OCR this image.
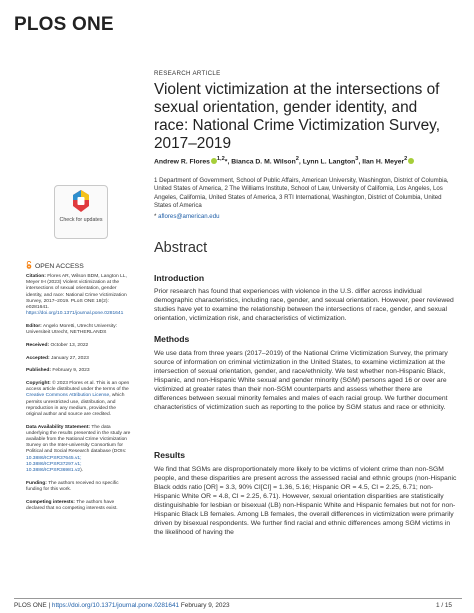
PLOS ONE
Check for updates
OPEN ACCESS

Citation: Flores AR, Wilson BDM, Langton LL, Meyer IH (2023) Violent victimization at the intersections of sexual orientation, gender identity, and race: National Crime Victimization Survey, 2017–2019. PLoS ONE 18(2): e0281641. https://doi.org/10.1371/journal.pone.0281641

Editor: Angelo Moretti, Utrecht University: Universiteit Utrecht, NETHERLANDS

Received: October 13, 2022

Accepted: January 27, 2023

Published: February 9, 2023

Copyright: © 2023 Flores et al. This is an open access article distributed under the terms of the Creative Commons Attribution License, which permits unrestricted use, distribution, and reproduction in any medium, provided the original author and source are credited.

Data Availability Statement: The data underlying the results presented in the study are available from the National Crime Victimization Survey on the Inter-university Consortium for Political and Social Research database (DOIs: 10.3886/ICPSR37645.v1; 10.3886/ICPSR37297.v1; 10.3886/ICPSR36981.v2).

Funding: The authors received no specific funding for this work.

Competing interests: The authors have declared that no competing interests exist.

RESEARCH ARTICLE
Violent victimization at the intersections of sexual orientation, gender identity, and race: National Crime Victimization Survey, 2017–2019
Andrew R. Flores $^{1,2}$*, Bianca D. M. Wilson$^2$, Lynn L. Langton$^3$, Ilan H. Meyer$^2$
1 Department of Government, School of Public Affairs, American University, Washington, District of Columbia, United States of America, 2 The Williams Institute, School of Law, University of California, Los Angeles, Los Angeles, California, United States of America, 3 RTI International, Washington, District of Columbia, United States of America
* aflores@american.edu
Abstract
Introduction
Prior research has found that experiences with violence in the U.S. differ across individual demographic characteristics, including race, gender, and sexual orientation. However, peer reviewed studies have yet to examine the relationship between the intersections of race, gender, and sexual orientation, victimization risk, and characteristics of victimization.
Methods
We use data from three years (2017–2019) of the National Crime Victimization Survey, the primary source of information on criminal victimization in the United States, to examine victimization at the intersection of sexual orientation, gender, and race/ethnicity. We test whether non-Hispanic Black, Hispanic, and non-Hispanic White sexual and gender minority (SGM) persons aged 16 or over are victimized at greater rates than their non-SGM counterparts and assess whether there are differences between sexual minority females and males of each racial group. We further document characteristics of victimization such as reporting to the police by SGM status and race or ethnicity.
Results
We find that SGMs are disproportionately more likely to be victims of violent crime than non-SGM people, and these disparities are present across the assessed racial and ethnic groups (non-Hispanic Black odds ratio [OR] = 3.3, 90% CI[CI] = 1.36, 5.16; Hispanic OR = 4.5, CI = 2.25, 6.71; non-Hispanic White OR = 4.8, CI = 2.25, 6.71). However, sexual orientation disparities are statistically distinguishable for lesbian or bisexual (LB) non-Hispanic White and Hispanic females but not for non-Hispanic Black LB females. Among LB females, the overall differences in victimization were primarily driven by bisexual respondents. We further find racial and ethnic differences among SGM victims in the likelihood of having the
PLOS ONE | https://doi.org/10.1371/journal.pone.0281641 February 9, 2023	1 / 15
